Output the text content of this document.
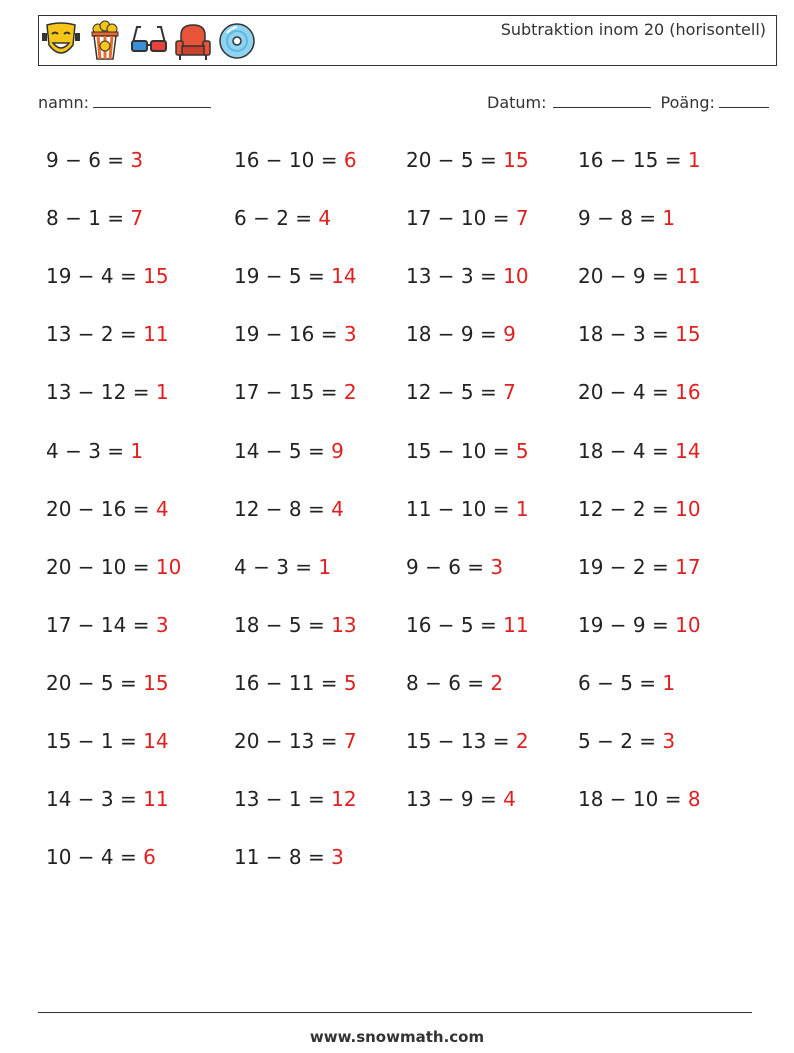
Subtraktion inom 20 (horisontell)
namn:	Datum:	Poäng:
9 − 6 = 3	16 − 10 = 6 20 − 5 = 15 16 − 15 = 1
8 − 1 = 7	6 − 2 = 4	17 − 10 = 7 9 − 8 = 1
19 − 4 = 15	19 − 5 = 14 13 − 3 = 10 20 − 9 = 11
13 − 2 = 11	19 − 16 = 3 18 − 9 = 9	18 − 3 = 15
13 − 12 = 1	17 − 15 = 2 12 − 5 = 7	20 − 4 = 16
4 − 3 = 1	14 − 5 = 9	15 − 10 = 5 18 − 4 = 14
20 − 16 = 4	12 − 8 = 4	11 − 10 = 1 12 − 2 = 10
20 − 10 = 10	4 − 3 = 1	9 − 6 = 3	19 − 2 = 17
17 − 14 = 3	18 − 5 = 13 16 − 5 = 11 19 − 9 = 10
20 − 5 = 15	16 − 11 = 5 8 − 6 = 2	6 − 5 = 1
15 − 1 = 14	20 − 13 = 7 15 − 13 = 2 5 − 2 = 3
14 − 3 = 11	13 − 1 = 12 13 − 9 = 4	18 − 10 = 8
10 − 4 = 6	11 − 8 = 3
www.snowmath.com
